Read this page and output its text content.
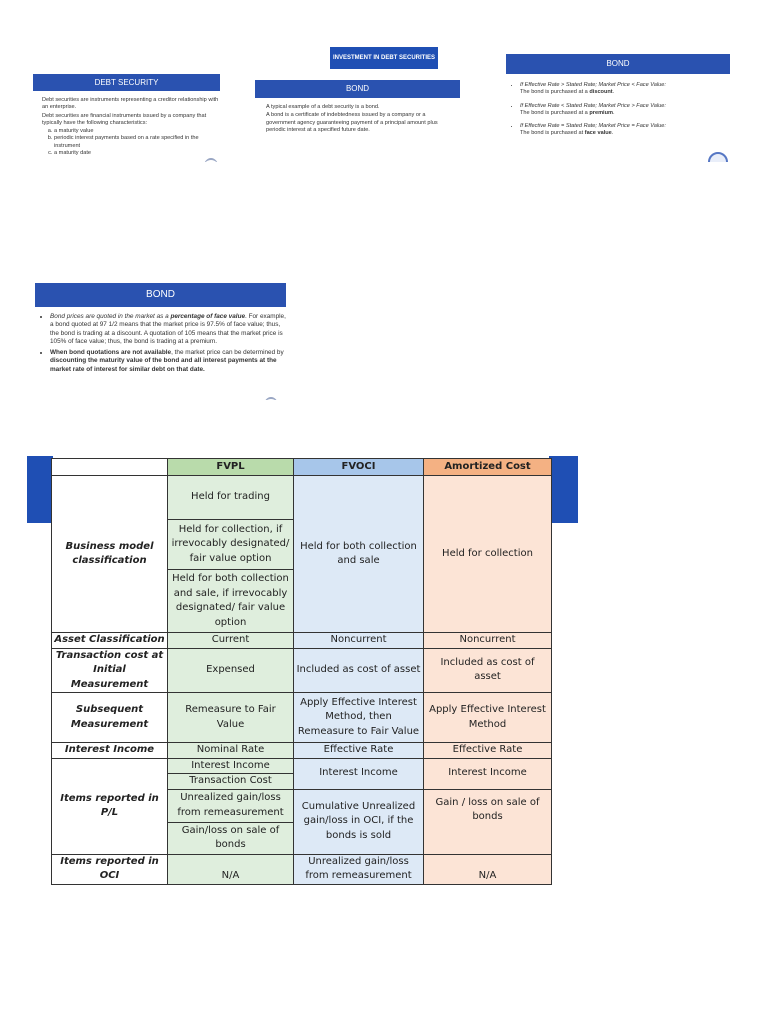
DEBT SECURITY

Debt securities are instruments representing a creditor relationship with an enterprise.

Debt securities are financial instruments issued by a company that typically have the following characteristics:

a. a maturity value
b. periodic interest payments based on a rate specified in the instrument
c. a maturity date
INVESTMENT IN DEBT SECURITIES
BOND

A typical example of a debt security is a bond.

A bond is a certificate of indebtedness issued by a company or a government agency guaranteeing payment of a principal amount plus periodic interest at a specified future date.

BOND
• If Effective Rate > Stated Rate; Market Price < Face Value:
The bond is purchased at a discount.
• If Effective Rate < Stated Rate; Market Price > Face Value:
The bond is purchased at a premium.
• If Effective Rate = Stated Rate; Market Price = Face Value:
The bond is purchased at face value.
BOND
• Bond prices are quoted in the market as a percentage of face value. For example, a bond quoted at 97 1/2 means that the market price is 97.5% of face value; thus, the bond is trading at a discount. A quotation of 105 means that the market price is 105% of face value; thus, the bond is trading at a premium.
• When bond quotations are not available, the market price can be determined by discounting the maturity value of the bond and all interest payments at the market rate of interest for similar debt on that date.
	FVPL	FVOCI	Amortized Cost
Business model classification	Held for trading	Held for both collection and sale	Held for collection
	Held for collection, if irrevocably designated/ fair value option		
	Held for both collection and sale, if irrevocably designated/ fair value option		
Asset Classification	Current	Noncurrent	Noncurrent
Transaction cost at Initial Measurement	Expensed	Included as cost of asset	Included as cost of asset
Subsequent Measurement	Remeasure to Fair Value	Apply Effective Interest Method, then Remeasure to Fair Value	Apply Effective Interest Method
Interest Income	Nominal Rate	Effective Rate	Effective Rate
Items reported in P/L	Interest Income	Interest Income	Interest Income
	Transaction Cost		
	Unrealized gain/loss from remeasurement	Cumulative Unrealized gain/loss in OCI, if the bonds is sold	Gain / loss on sale of bonds
	Gain/loss on sale of bonds		
Items reported in OCI	N/A	Unrealized gain/loss from remeasurement	N/A
